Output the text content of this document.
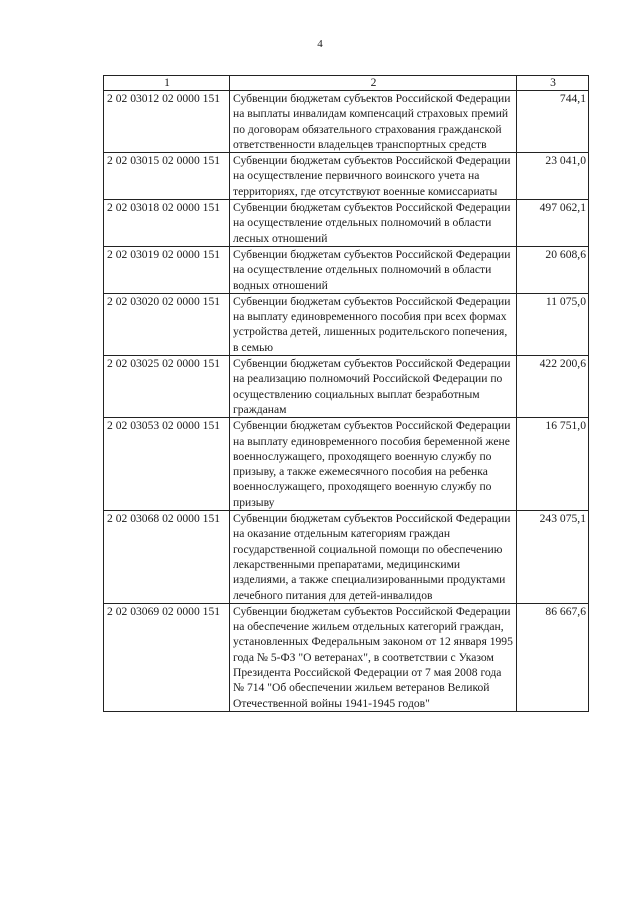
4
1	2	3
2 02 03012 02 0000 151	Субвенции бюджетам субъектов Российской Федерации на выплаты инвалидам компенсаций страховых премий по договорам обязательного страхования гражданской ответственности владельцев транспортных средств	744,1
2 02 03015 02 0000 151	Субвенции бюджетам субъектов Российской Федерации на осуществление первичного воинского учета на территориях, где отсутствуют военные комиссариаты	23 041,0
2 02 03018 02 0000 151	Субвенции бюджетам субъектов Российской Федерации на осуществление отдельных полномочий в области лесных отношений	497 062,1
2 02 03019 02 0000 151	Субвенции бюджетам субъектов Российской Федерации на осуществление отдельных полномочий в области водных отношений	20 608,6
2 02 03020 02 0000 151	Субвенции бюджетам субъектов Российской Федерации на выплату единовременного пособия при всех формах устройства детей, лишенных родительского попечения, в семью	11 075,0
2 02 03025 02 0000 151	Субвенции бюджетам субъектов Российской Федерации на реализацию полномочий Российской Федерации по осуществлению социальных выплат безработным гражданам	422 200,6
2 02 03053 02 0000 151	Субвенции бюджетам субъектов Российской Федерации на выплату единовременного пособия беременной жене военнослужащего, проходящего военную службу по призыву, а также ежемесячного пособия на ребенка военнослужащего, проходящего военную службу по призыву	16 751,0
2 02 03068 02 0000 151	Субвенции бюджетам субъектов Российской Федерации на оказание отдельным категориям граждан государственной социальной помощи по обеспечению лекарственными препаратами, медицинскими изделиями, а также специализированными продуктами лечебного питания для детей-инвалидов	243 075,1
2 02 03069 02 0000 151	Субвенции бюджетам субъектов Российской Федерации на обеспечение жильем отдельных категорий граждан, установленных Федеральным законом от 12 января 1995 года № 5-ФЗ "О ветеранах", в соответствии с Указом Президента Российской Федерации от 7 мая 2008 года № 714 "Об обеспечении жильем ветеранов Великой Отечественной войны 1941-1945 годов"	86 667,6
